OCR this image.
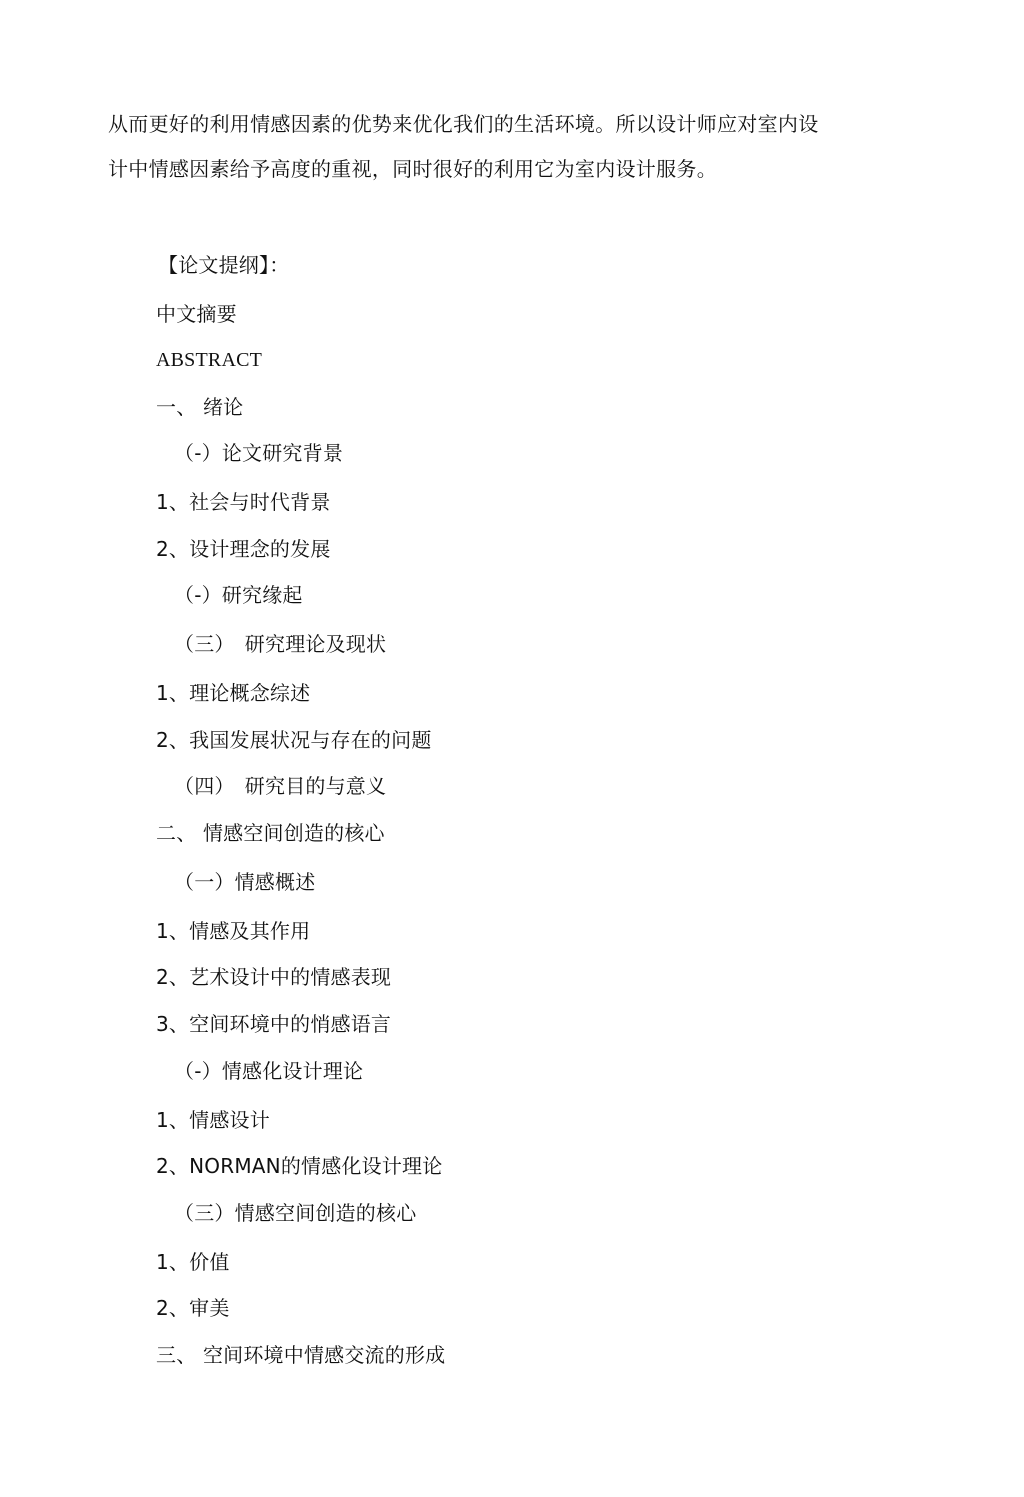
从而更好的利用情感因素的优势来优化我们的生活环境。所以设计师应对室内设
计中情感因素给予高度的重视，同时很好的利用它为室内设计服务。
【论文提纲】：
中文摘要
ABSTRACT
一、 绪论
（-）论文研究背景
1、社会与时代背景
2、设计理念的发展
（-）研究缘起
（三）　研究理论及现状
1、理论概念综述
2、我国发展状况与存在的问题
（四）　研究目的与意义
二、 情感空间创造的核心
（一）情感概述
1、情感及其作用
2、艺术设计中的情感表现
3、空间环境中的悄感语言
（-）情感化设计理论
1、情感设计
2、NORMAN的情感化设计理论
（三）情感空间创造的核心
1、价值
2、审美
三、 空间环境中情感交流的形成
